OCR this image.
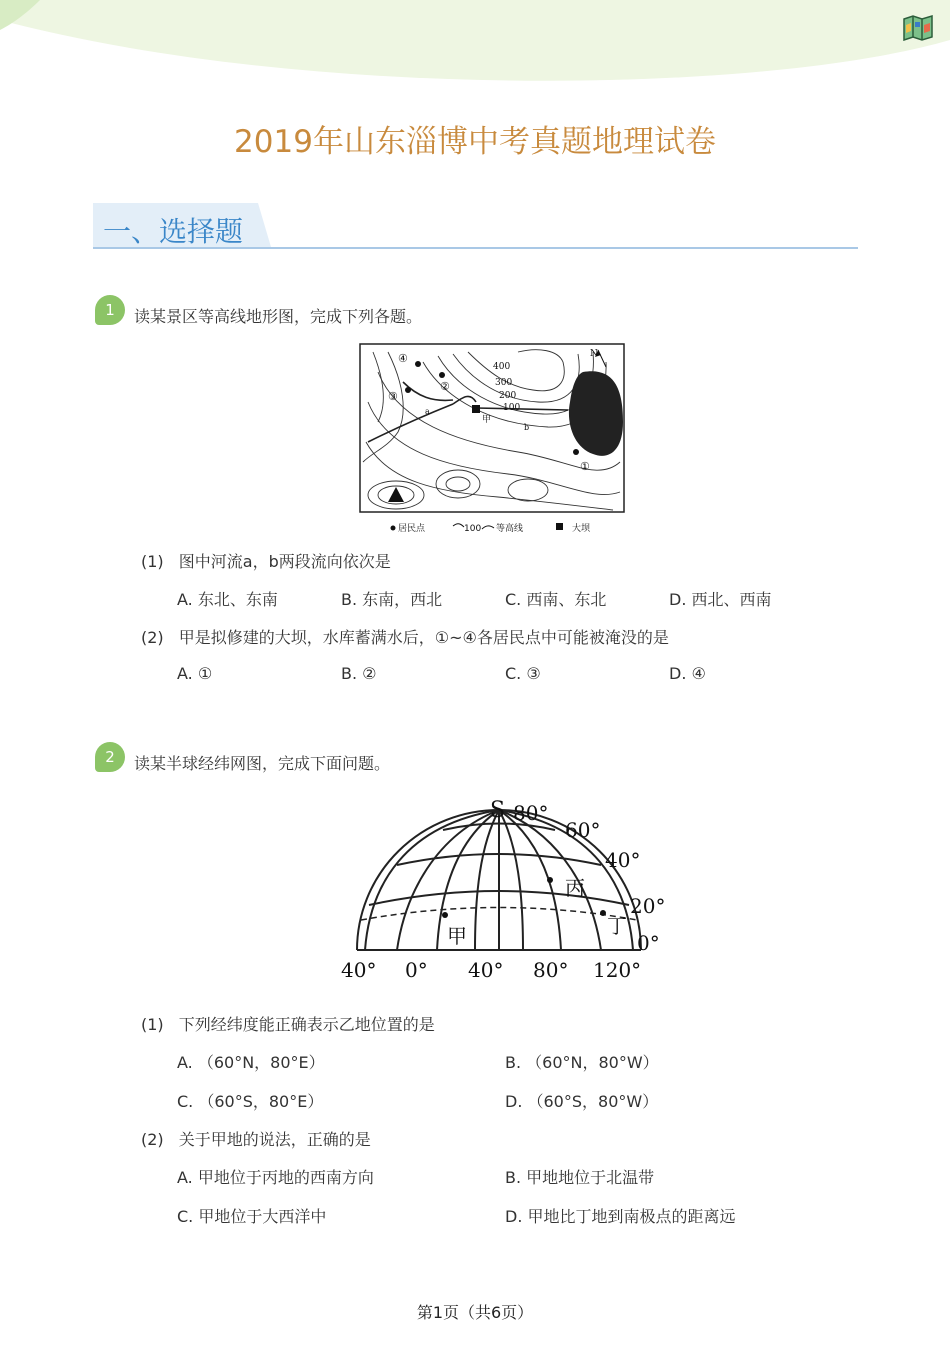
2019年山东淄博中考真题地理试卷
一、选择题
1	读某景区等高线地形图，完成下列各题。
N
400
300
200
100
④
②
③
①
甲
a
b
居民点	100 等高线	大坝
(1) 图中河流a，b两段流向依次是
A. 东北、东南	B. 东南，西北	C. 西南、东北	D. 西北、西南
(2) 甲是拟修建的大坝，水库蓄满水后，①~④各居民点中可能被淹没的是
A. ①	B. ②	C. ③	D. ④
2	读某半球经纬网图，完成下面问题。
S 80°
60°
40°
20°
0°
40° 0° 40° 80° 120°
甲
丙
丁
(1) 下列经纬度能正确表示乙地位置的是
A. （60°N，80°E）	B. （60°N，80°W）
C. （60°S，80°E）	D. （60°S，80°W）
(2) 关于甲地的说法，正确的是
A. 甲地位于丙地的西南方向	B. 甲地地位于北温带
C. 甲地位于大西洋中	D. 甲地比丁地到南极点的距离远
第1页（共6页）
